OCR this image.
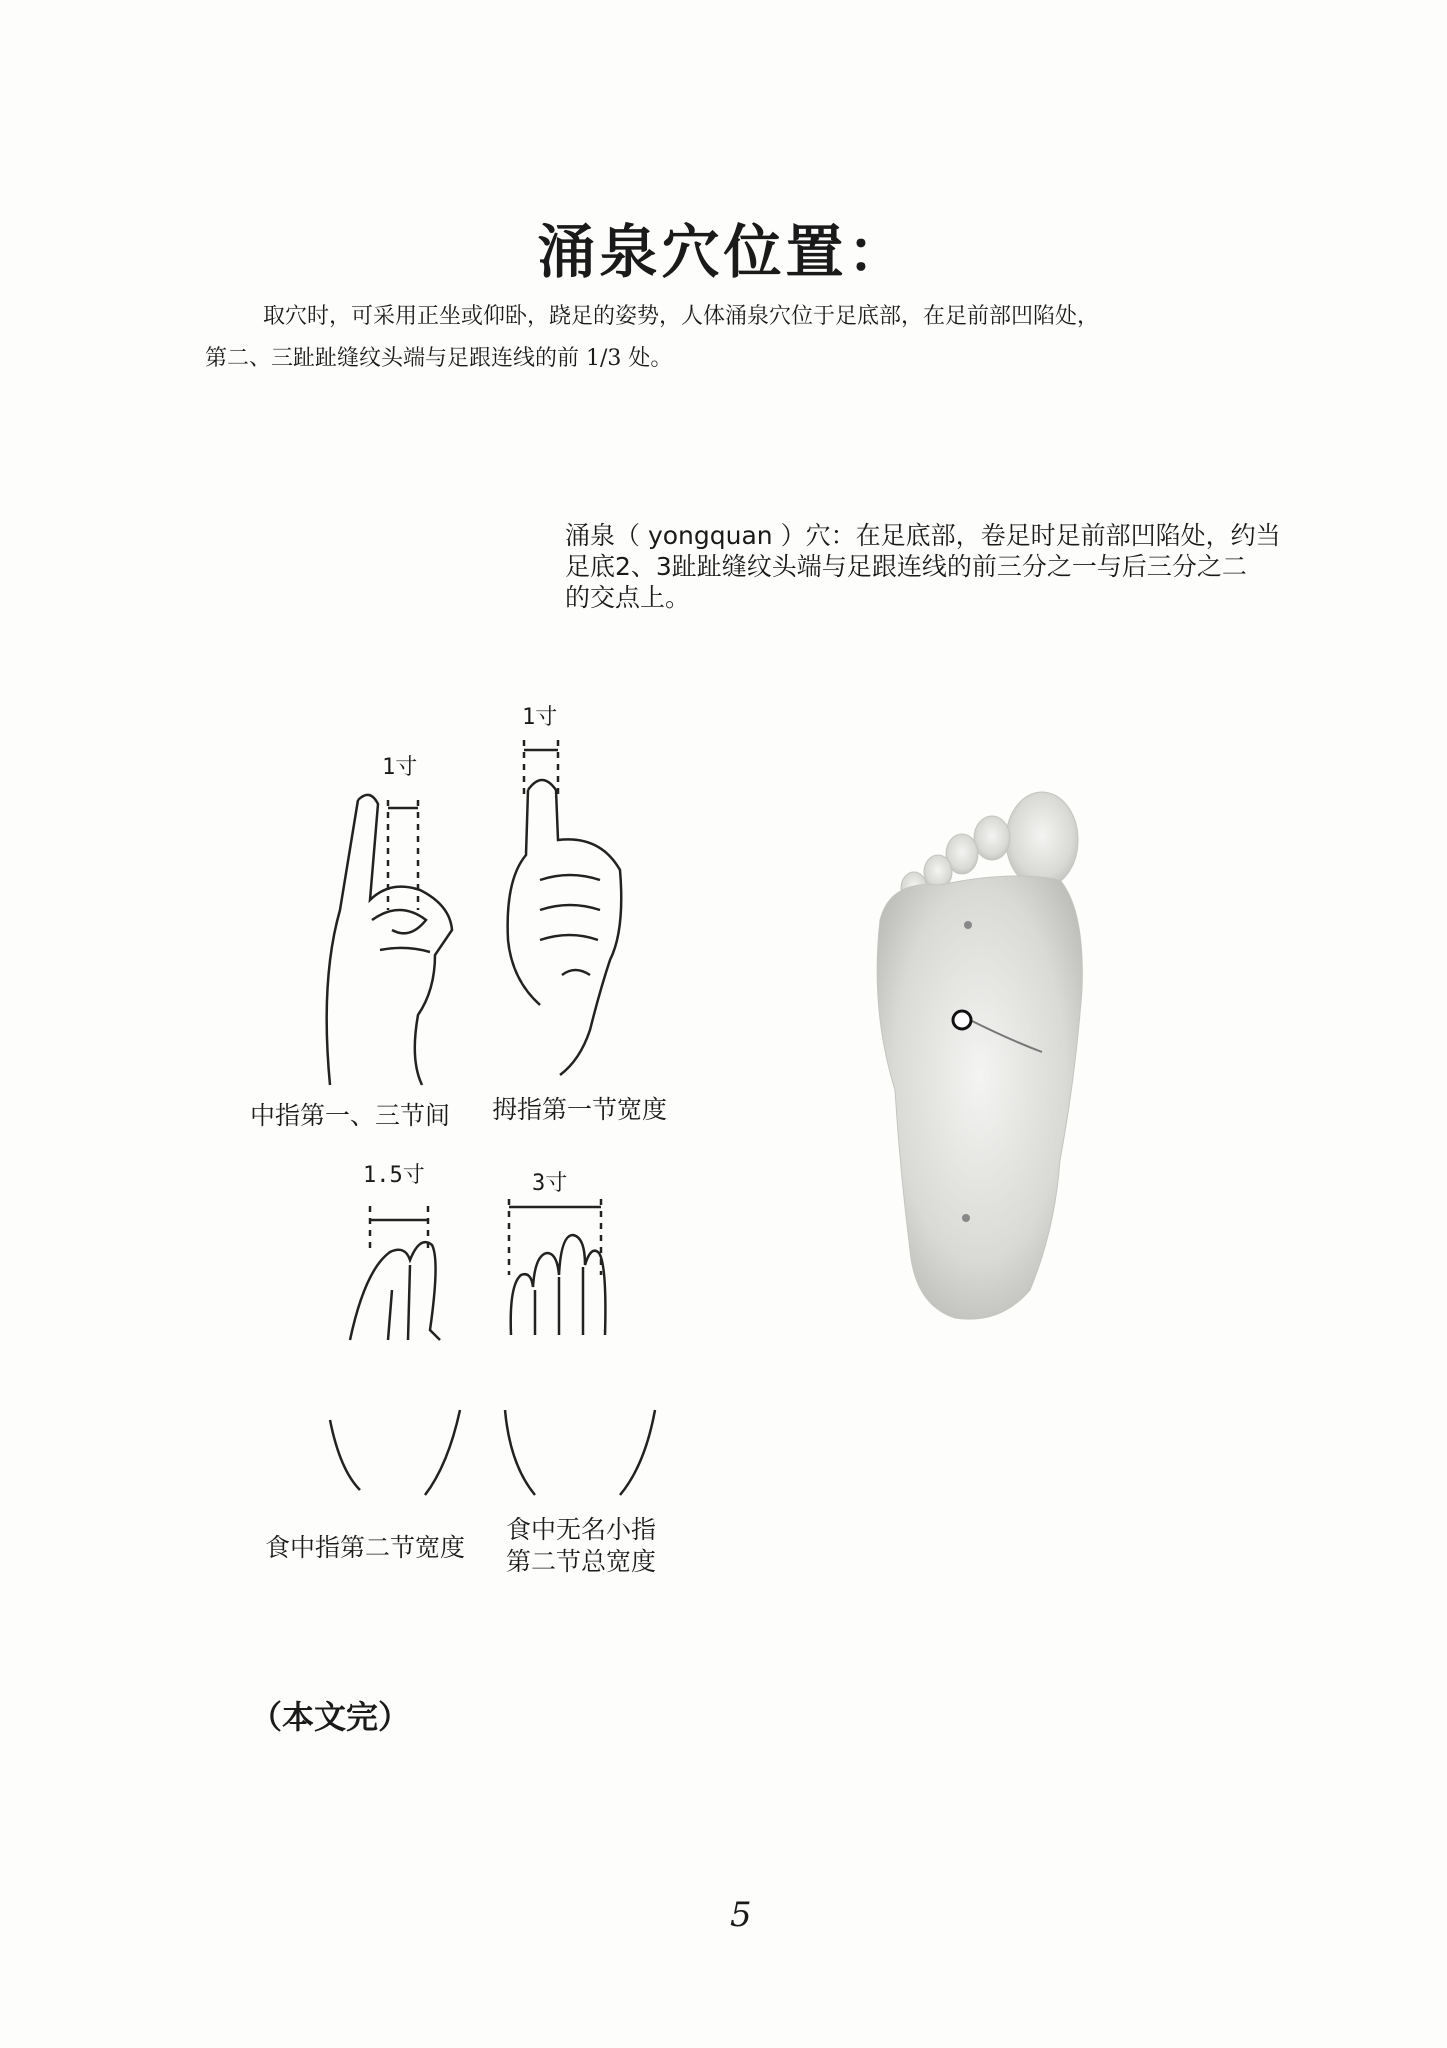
涌泉穴位置：

取穴时，可采用正坐或仰卧，跷足的姿势，人体涌泉穴位于足底部，在足前部凹陷处，

第二、三趾趾缝纹头端与足跟连线的前 1/3 处。

涌泉（ yongquan ）穴：在足底部，卷足时足前部凹陷处，约当

足底2、3趾趾缝纹头端与足跟连线的前三分之一与后三分之二

的交点上。

1寸
中指第一、三节间
1寸
拇指第一节宽度
1.5寸
食中指第二节宽度
3寸
食中无名小指
第二节总宽度
（本文完）
5
